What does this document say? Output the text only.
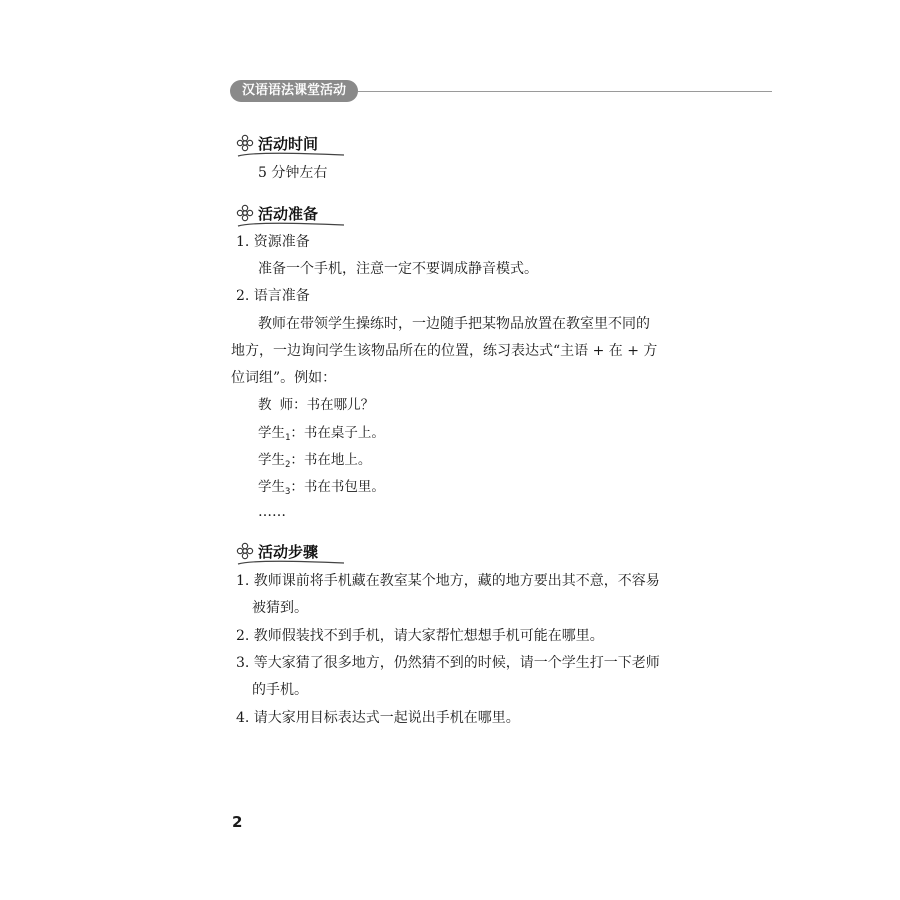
汉语语法课堂活动
活动时间
5 分钟左右
活动准备
1. 资源准备
准备一个手机，注意一定不要调成静音模式。
2. 语言准备
教师在带领学生操练时，一边随手把某物品放置在教室里不同的
地方，一边询问学生该物品所在的位置，练习表达式“主语 + 在 + 方
位词组”。例如：
教 师：书在哪儿？
学生$_1$：书在桌子上。
学生$_2$：书在地上。
学生$_3$：书在书包里。
……
活动步骤
1. 教师课前将手机藏在教室某个地方，藏的地方要出其不意，不容易
被猜到。
2. 教师假装找不到手机，请大家帮忙想想手机可能在哪里。
3. 等大家猜了很多地方，仍然猜不到的时候，请一个学生打一下老师
的手机。
4. 请大家用目标表达式一起说出手机在哪里。
2
